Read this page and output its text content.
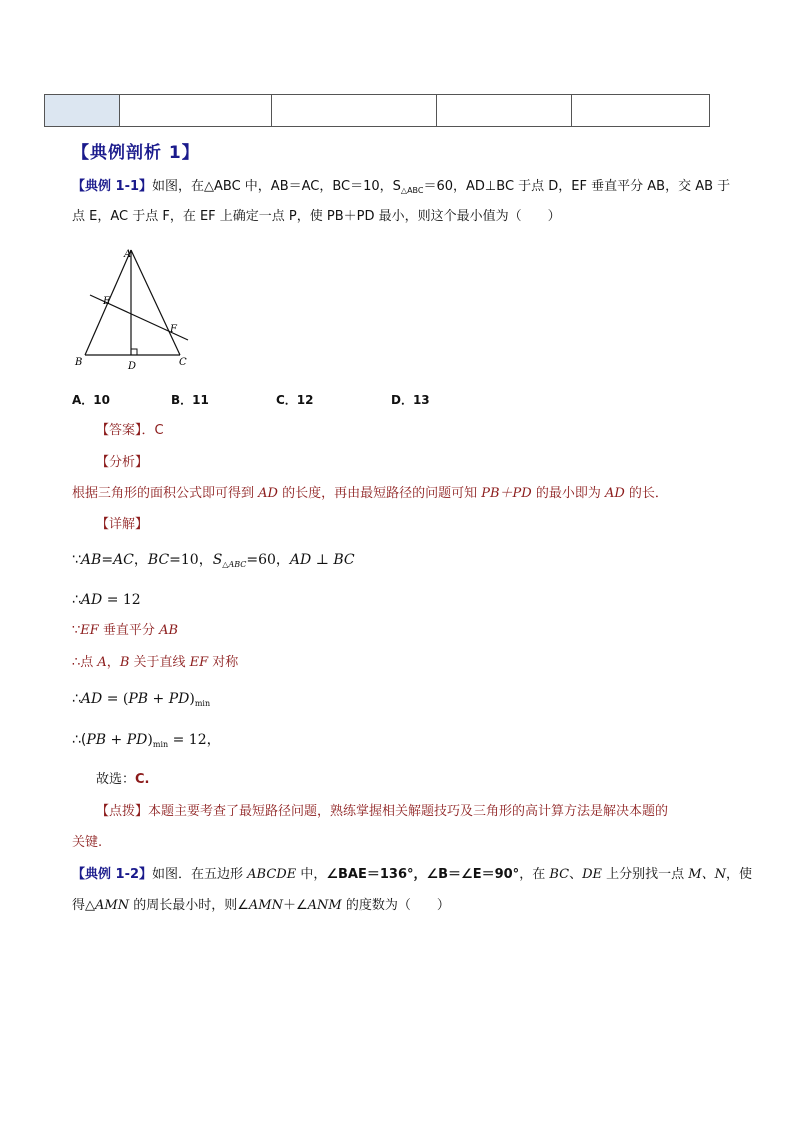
【典例剖析 1】
【典例 1-1】如图，在△ABC 中，AB＝AC，BC＝10，$S_{\triangle ABC}=60$，AD⊥BC 于点 D，EF 垂直平分 AB，交 AB 于
点 E，AC 于点 F，在 EF 上确定一点 P，使 PB＋PD 最小，则这个最小值为（　　）
A
E
F
B	D	C
A．10	B．11	C．12	D．13
【答案】．C
【分析】
根据三角形的面积公式即可得到 AD 的长度，再由最短路径的问题可知 PB＋PD 的最小即为 AD 的长．
【详解】
∵AB=AC，BC=10，$S_{\triangle ABC}=60$，AD ⊥ BC
∴AD = 12
∵EF 垂直平分 AB
∴点 A，B 关于直线 EF 对称
∴AD = $(PB + PD)_{min}$
∴(PB + $PD)_{min} = 12$，
故选：C.
【点拨】本题主要考查了最短路径问题，熟练掌握相关解题技巧及三角形的高计算方法是解决本题的
关键.
【典例 1-2】如图．在五边形 ABCDE 中，∠BAE＝136°，∠B＝∠E＝90°，在 BC、DE 上分别找一点 M、N，使
得△AMN 的周长最小时，则∠AMN＋∠ANM 的度数为（　　）
